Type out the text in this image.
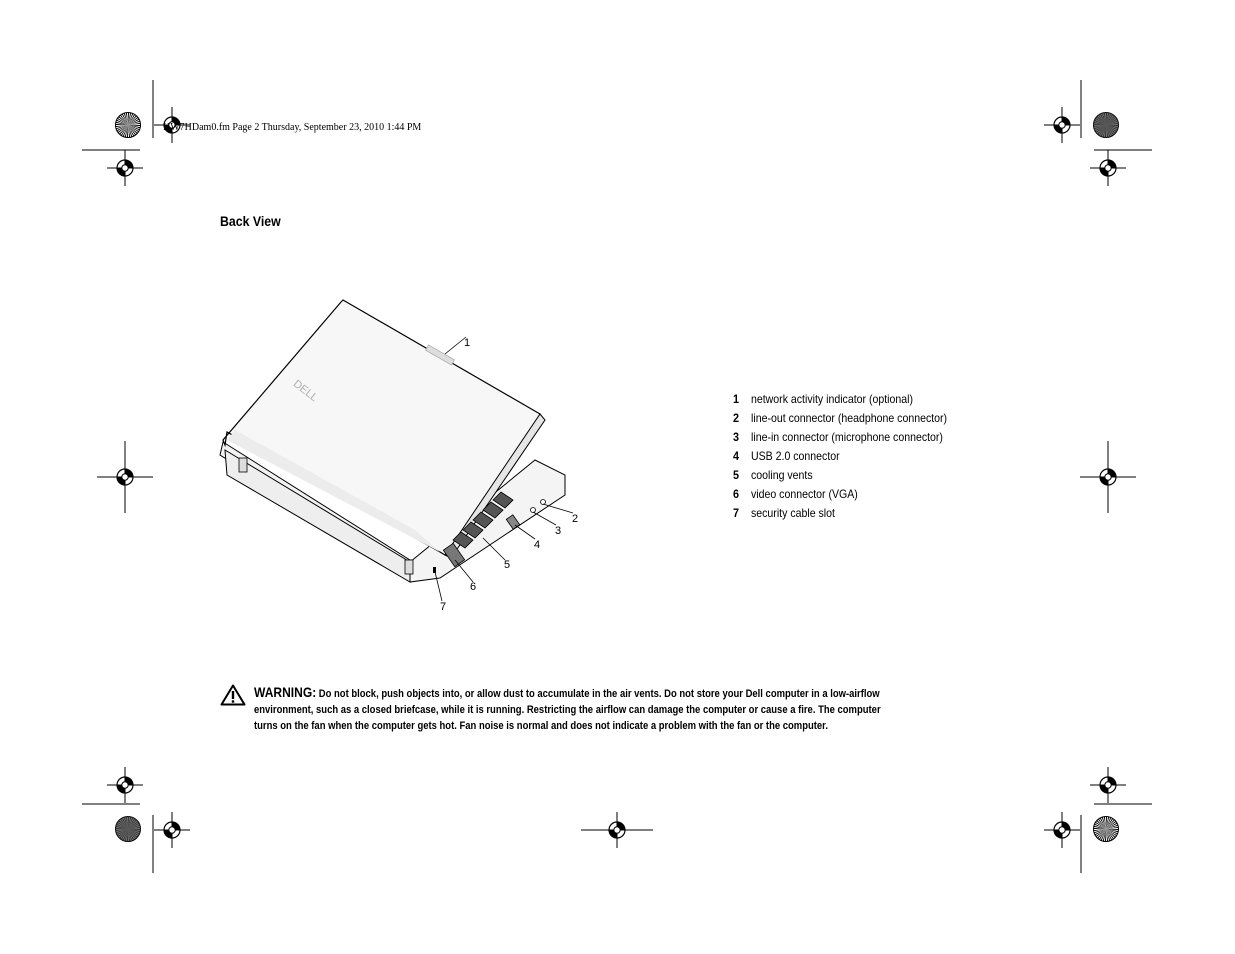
HW7HDam0.fm Page 2 Thursday, September 23, 2010 1:44 PM
Back View
DELL
1
2
3
4
5
6
7
1 network activity indicator (optional)
2 line-out connector (headphone connector)
3 line-in connector (microphone connector)
4 USB 2.0 connector
5 cooling vents
6 video connector (VGA)
7 security cable slot
WARNING: Do not block, push objects into, or allow dust to accumulate in the air vents. Do not store your Dell computer in a low-airflow environment, such as a closed briefcase, while it is running. Restricting the airflow can damage the computer or cause a fire. The computer turns on the fan when the computer gets hot. Fan noise is normal and does not indicate a problem with the fan or the computer.
